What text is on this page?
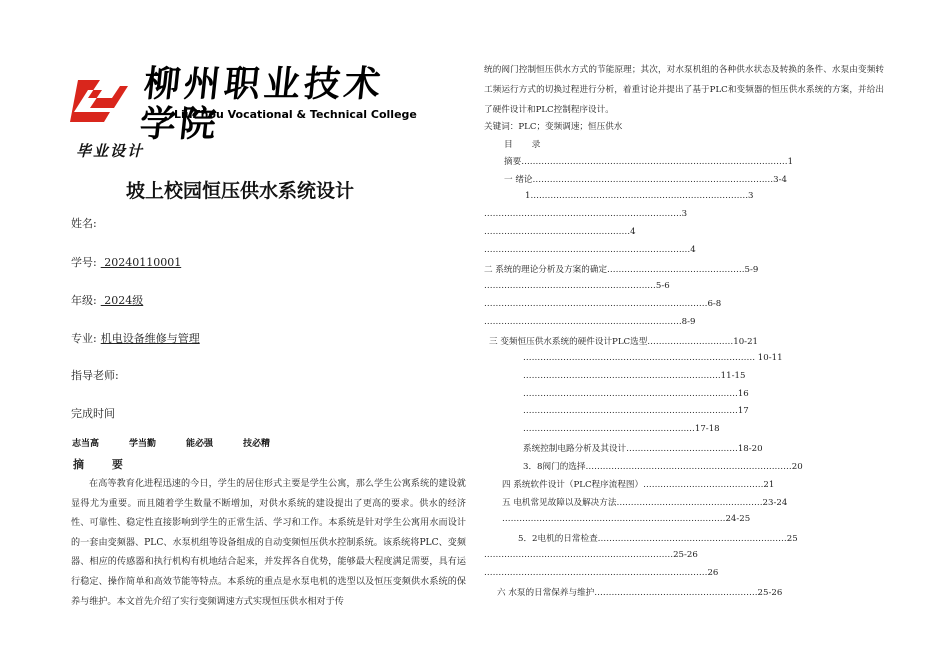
柳州职业技术学院
LiuZhou Vocational & Technical College
毕业设计
坡上校园恒压供水系统设计
姓名:
学号: 20240110001
年级: 2024级
专业: 机电设备维修与管理
指导老师:
完成时间
志当高	学当勤	能必强	技必精
摘 要
在高等教育化进程迅速的今日，学生的居住形式主要是学生公寓，那么学生公寓系统的建设就显得尤为重要。而且随着学生数量不断增加，对供水系统的建设提出了更高的要求。供水的经济性、可靠性、稳定性直接影响到学生的正常生活、学习和工作。本系统是针对学生公寓用水而设计的一套由变频器、PLC、水泵机组等设备组成的自动变频恒压供水控制系统。该系统将PLC、变频器、相应的传感器和执行机构有机地结合起来，并发挥各自优势，能够最大程度满足需要，具有运行稳定、操作简单和高效节能等特点。本系统的重点是水泵电机的选型以及恒压变频供水系统的保养与维护。本文首先介绍了实行变频调速方式实现恒压供水相对于传
统的阀门控制恒压供水方式的节能原理；其次，对水泵机组的各种供水状态及转换的条件、水泵由变频转工频运行方式的切换过程进行分析，着重讨论并提出了基于PLC和变频器的恒压供水系统的方案，并给出了硬件设计和PLC控制程序设计。
关键词：PLC；变频调速；恒压供水
目 录
摘要…………………………………………………………………………………1
一 绪论…………………………………………………………………………3-4
1.…………………………………………………………………3
……………………………………………………………3
……………………………………………4
………………………………………………………………4
二 系统的理论分析及方案的确定…………………………………………5-9
……………………………………………………5-6
……………………………………………………………………6-8
……………………………………………………………8-9
三 变频恒压供水系统的硬件设计PLC选型…………………………10-21
……………………………………………………………………… 10-11
……………………………………………………………11-15
…………………………………………………………………16
…………………………………………………………………17
……………………………………………………17-18
系统控制电路分析及其设计…………………………………18-20
3．8阀门的选择………………………………………………………………20
四 系统软件设计（PLC程序流程图）……………………………………21
五 电机常见故障以及解决方法……………………………………………23-24
……………………………………………………………………24-25
5．2电机的日常检查…………………………………………………………25
…………………………………………………………25-26
……………………………………………………………………26
六 水泵的日常保养与维护…………………………………………………25-26
